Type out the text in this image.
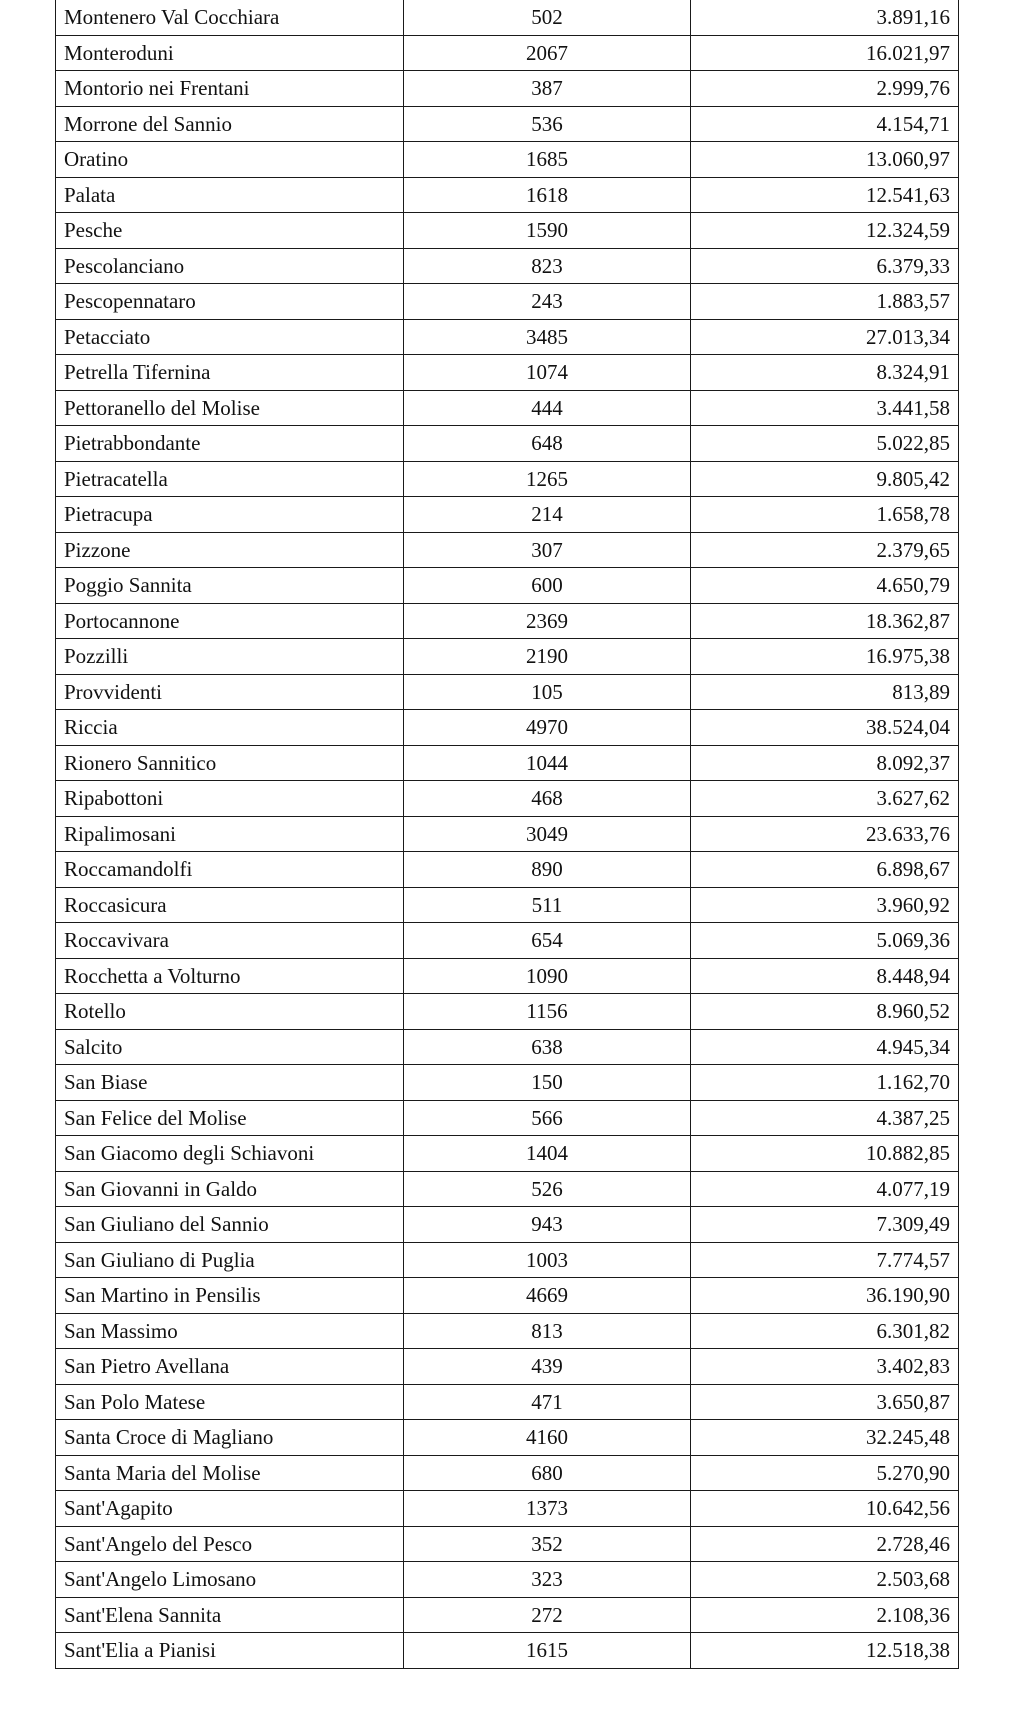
Montenero Val Cocchiara	502	3.891,16
Monteroduni	2067	16.021,97
Montorio nei Frentani	387	2.999,76
Morrone del Sannio	536	4.154,71
Oratino	1685	13.060,97
Palata	1618	12.541,63
Pesche	1590	12.324,59
Pescolanciano	823	6.379,33
Pescopennataro	243	1.883,57
Petacciato	3485	27.013,34
Petrella Tifernina	1074	8.324,91
Pettoranello del Molise	444	3.441,58
Pietrabbondante	648	5.022,85
Pietracatella	1265	9.805,42
Pietracupa	214	1.658,78
Pizzone	307	2.379,65
Poggio Sannita	600	4.650,79
Portocannone	2369	18.362,87
Pozzilli	2190	16.975,38
Provvidenti	105	813,89
Riccia	4970	38.524,04
Rionero Sannitico	1044	8.092,37
Ripabottoni	468	3.627,62
Ripalimosani	3049	23.633,76
Roccamandolfi	890	6.898,67
Roccasicura	511	3.960,92
Roccavivara	654	5.069,36
Rocchetta a Volturno	1090	8.448,94
Rotello	1156	8.960,52
Salcito	638	4.945,34
San Biase	150	1.162,70
San Felice del Molise	566	4.387,25
San Giacomo degli Schiavoni	1404	10.882,85
San Giovanni in Galdo	526	4.077,19
San Giuliano del Sannio	943	7.309,49
San Giuliano di Puglia	1003	7.774,57
San Martino in Pensilis	4669	36.190,90
San Massimo	813	6.301,82
San Pietro Avellana	439	3.402,83
San Polo Matese	471	3.650,87
Santa Croce di Magliano	4160	32.245,48
Santa Maria del Molise	680	5.270,90
Sant'Agapito	1373	10.642,56
Sant'Angelo del Pesco	352	2.728,46
Sant'Angelo Limosano	323	2.503,68
Sant'Elena Sannita	272	2.108,36
Sant'Elia a Pianisi	1615	12.518,38
